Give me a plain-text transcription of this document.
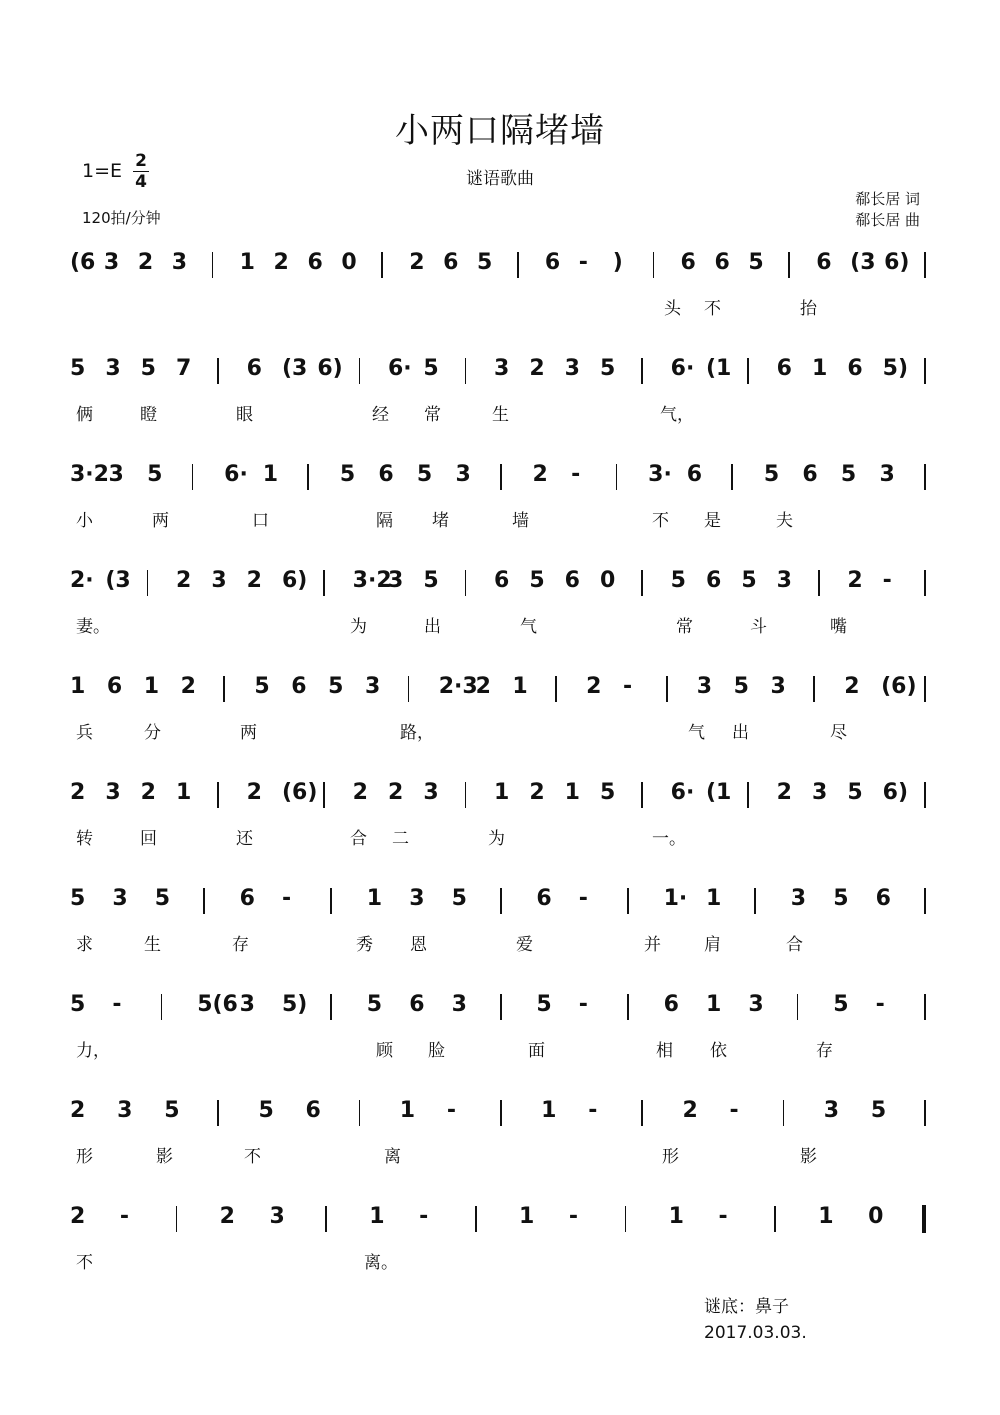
小两口隔堵墙
谜语歌曲
1=E 2
4
120拍/分钟
郗长居 词
郗长居 曲
(6 3 2 3 1 2 6 0 2 6 5 6 - )	6 6 5 6 (3 6)
头 不	抬
5 3 5 7	6 (3 6) 6· 5	3 2 3 5	6· (1 6 1 6 5)
俩	瞪	眼	经 常	生	气，
3·2 3 5	6· 1	5 6 5 3	2 -	3· 6	5 6 5 3
小	两	口	隔 堵	墙	不 是	夫
2· (3 2 3 2 6) 3·2
3 5	6 5 6 0	5 6 5 3	2 -
妻。	为	出	气	常	斗	嘴
1 6 1 2	5 6 5 3	2·3
2 1	2 -	3 5 3	2 (6)
兵	分	两	路，	气 出	尽
2 3 2 1	2 (6) 2 2 3	1 2 1 5	6· (1 2 3 5 6)
转	回	还	合 二	为	一。
5 3 5	6 -	1 3 5	6 -	1· 1	3 5 6
求	生	存	秀 恩	爱	并	肩	合
5 -	5(6 3 5)	5 6 3	5 -	6 1 3	5 -
力，	顾 脸	面	相 依	存
2 3 5	5 6	1 -	1 -	2 -	3 5
形	影	不	离	形	影
2 -	2 3	1 -	1 -	1 -	1 0
不	离。
谜底：鼻子
2017.03.03.
